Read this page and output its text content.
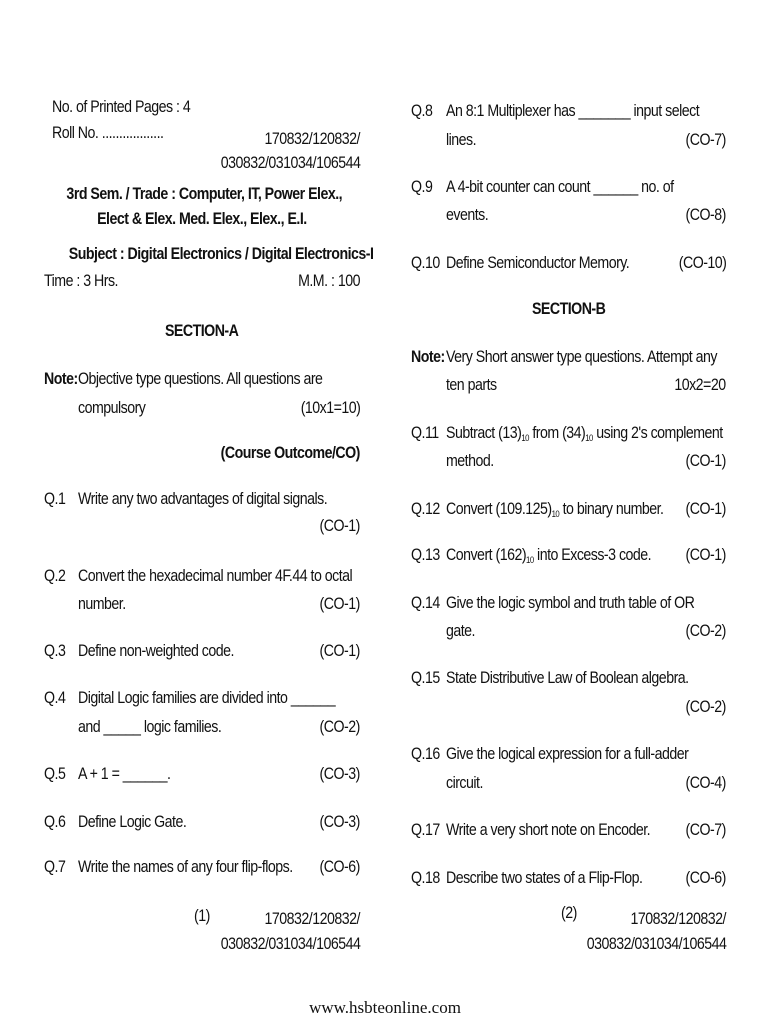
No. of Printed Pages : 4
Roll No. ..................	170832/120832/
030832/031034/106544
3rd Sem. / Trade : Computer, IT, Power Elex.,
Elect & Elex. Med. Elex., Elex., E.I.
Subject : Digital Electronics / Digital Electronics-I
Time : 3 Hrs.	M.M. : 100
SECTION-A
Note: Objective type questions. All questions are
compulsory	(10x1=10)
(Course Outcome/CO)
Q.1 Write any two advantages of digital signals.
(CO-1)
Q.2 Convert the hexadecimal number 4F.44 to octal
number.	(CO-1)
Q.3 Define non-weighted code.	(CO-1)
Q.4 Digital Logic families are divided into ______
and _____ logic families.	(CO-2)
Q.5 A + 1 = ______.	(CO-3)
Q.6 Define Logic Gate.	(CO-3)
Q.7 Write the names of any four flip-flops. (CO-6)
(1)	170832/120832/
030832/031034/106544
Q.8 An 8:1 Multiplexer has _______ input select
lines.	(CO-7)
Q.9 A 4-bit counter can count ______ no. of
events.	(CO-8)
Q.10 Define Semiconductor Memory.	(CO-10)
SECTION-B
Note: Very Short answer type questions. Attempt any
ten parts	10x2=20
Q.11 Subtract $(13)_{10}$ from $(34)_{10}$ using 2's complement
method.	(CO-1)
Q.12 Convert $(109.125)_{10}$ to binary number. (CO-1)
Q.13 Convert $(162)_{10}$ into Excess-3 code. (CO-1)
Q.14 Give the logic symbol and truth table of OR
gate.	(CO-2)
Q.15 State Distributive Law of Boolean algebra.
(CO-2)
Q.16 Give the logical expression for a full-adder
circuit.	(CO-4)
Q.17 Write a very short note on Encoder. (CO-7)
Q.18 Describe two states of a Flip-Flop.	(CO-6)
(2)	170832/120832/
030832/031034/106544
www.hsbteonline.com
